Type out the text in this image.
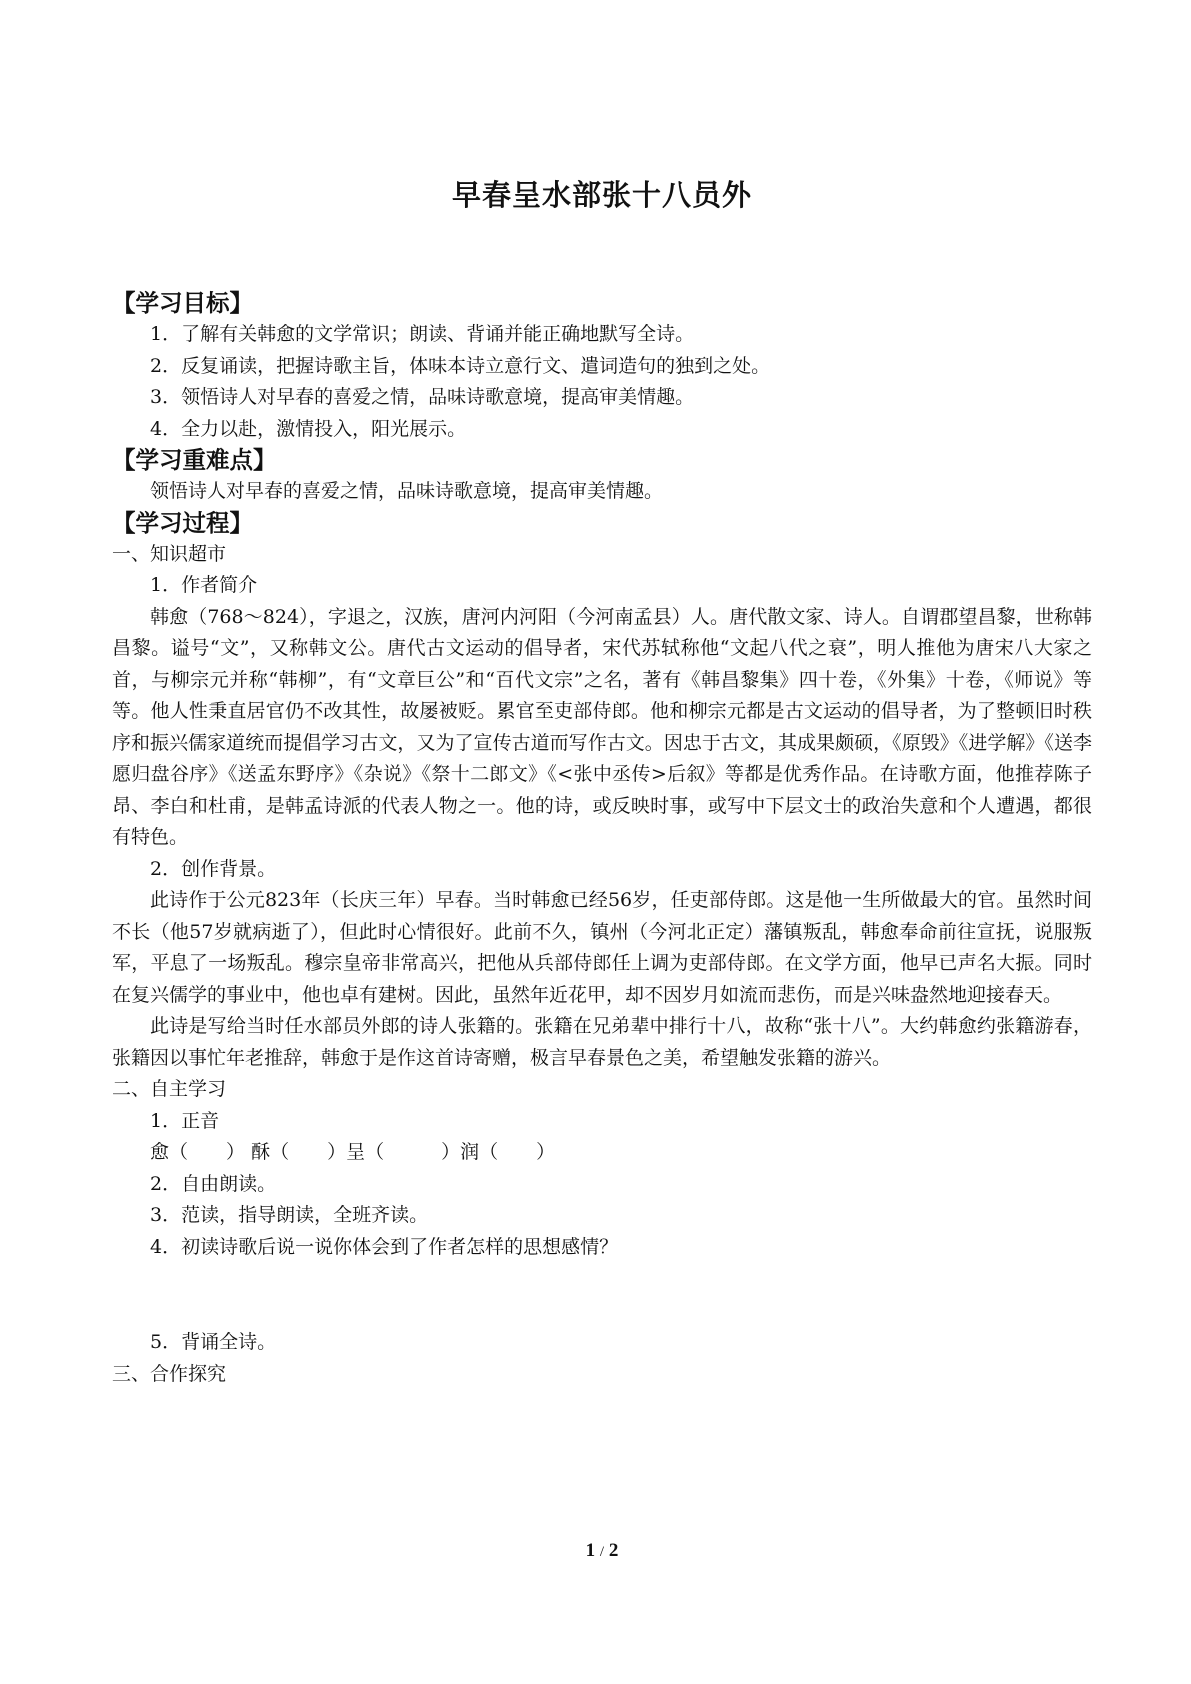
早春呈水部张十八员外
【学习目标】
1．了解有关韩愈的文学常识；朗读、背诵并能正确地默写全诗。
2．反复诵读，把握诗歌主旨，体味本诗立意行文、遣词造句的独到之处。
3．领悟诗人对早春的喜爱之情，品味诗歌意境，提高审美情趣。
4．全力以赴，激情投入，阳光展示。
【学习重难点】
领悟诗人对早春的喜爱之情，品味诗歌意境，提高审美情趣。
【学习过程】
一、知识超市
1．作者简介
韩愈（768～824），字退之，汉族，唐河内河阳（今河南孟县）人。唐代散文家、诗人。自谓郡望昌黎，世称韩昌黎。谥号“文”，又称韩文公。唐代古文运动的倡导者，宋代苏轼称他“文起八代之衰”，明人推他为唐宋八大家之首，与柳宗元并称“韩柳”，有“文章巨公”和“百代文宗”之名，著有《韩昌黎集》四十卷，《外集》十卷，《师说》等等。他人性秉直居官仍不改其性，故屡被贬。累官至吏部侍郎。他和柳宗元都是古文运动的倡导者，为了整顿旧时秩序和振兴儒家道统而提倡学习古文，又为了宣传古道而写作古文。因忠于古文，其成果颇硕，《原毁》《进学解》《送李愿归盘谷序》《送孟东野序》《杂说》《祭十二郎文》《<张中丞传>后叙》等都是优秀作品。在诗歌方面，他推荐陈子昂、李白和杜甫，是韩孟诗派的代表人物之一。他的诗，或反映时事，或写中下层文士的政治失意和个人遭遇，都很有特色。
2．创作背景。
此诗作于公元823年（长庆三年）早春。当时韩愈已经56岁，任吏部侍郎。这是他一生所做最大的官。虽然时间不长（他57岁就病逝了），但此时心情很好。此前不久，镇州（今河北正定）藩镇叛乱，韩愈奉命前往宣抚，说服叛军，平息了一场叛乱。穆宗皇帝非常高兴，把他从兵部侍郎任上调为吏部侍郎。在文学方面，他早已声名大振。同时在复兴儒学的事业中，他也卓有建树。因此，虽然年近花甲，却不因岁月如流而悲伤，而是兴味盎然地迎接春天。
此诗是写给当时任水部员外郎的诗人张籍的。张籍在兄弟辈中排行十八，故称“张十八”。大约韩愈约张籍游春，张籍因以事忙年老推辞，韩愈于是作这首诗寄赠，极言早春景色之美，希望触发张籍的游兴。
二、自主学习
1．正音
愈（　　） 酥（　　）呈（　　　）润（　　）
2．自由朗读。
3．范读，指导朗读，全班齐读。
4．初读诗歌后说一说你体会到了作者怎样的思想感情？
5．背诵全诗。
三、合作探究
1 / 2
